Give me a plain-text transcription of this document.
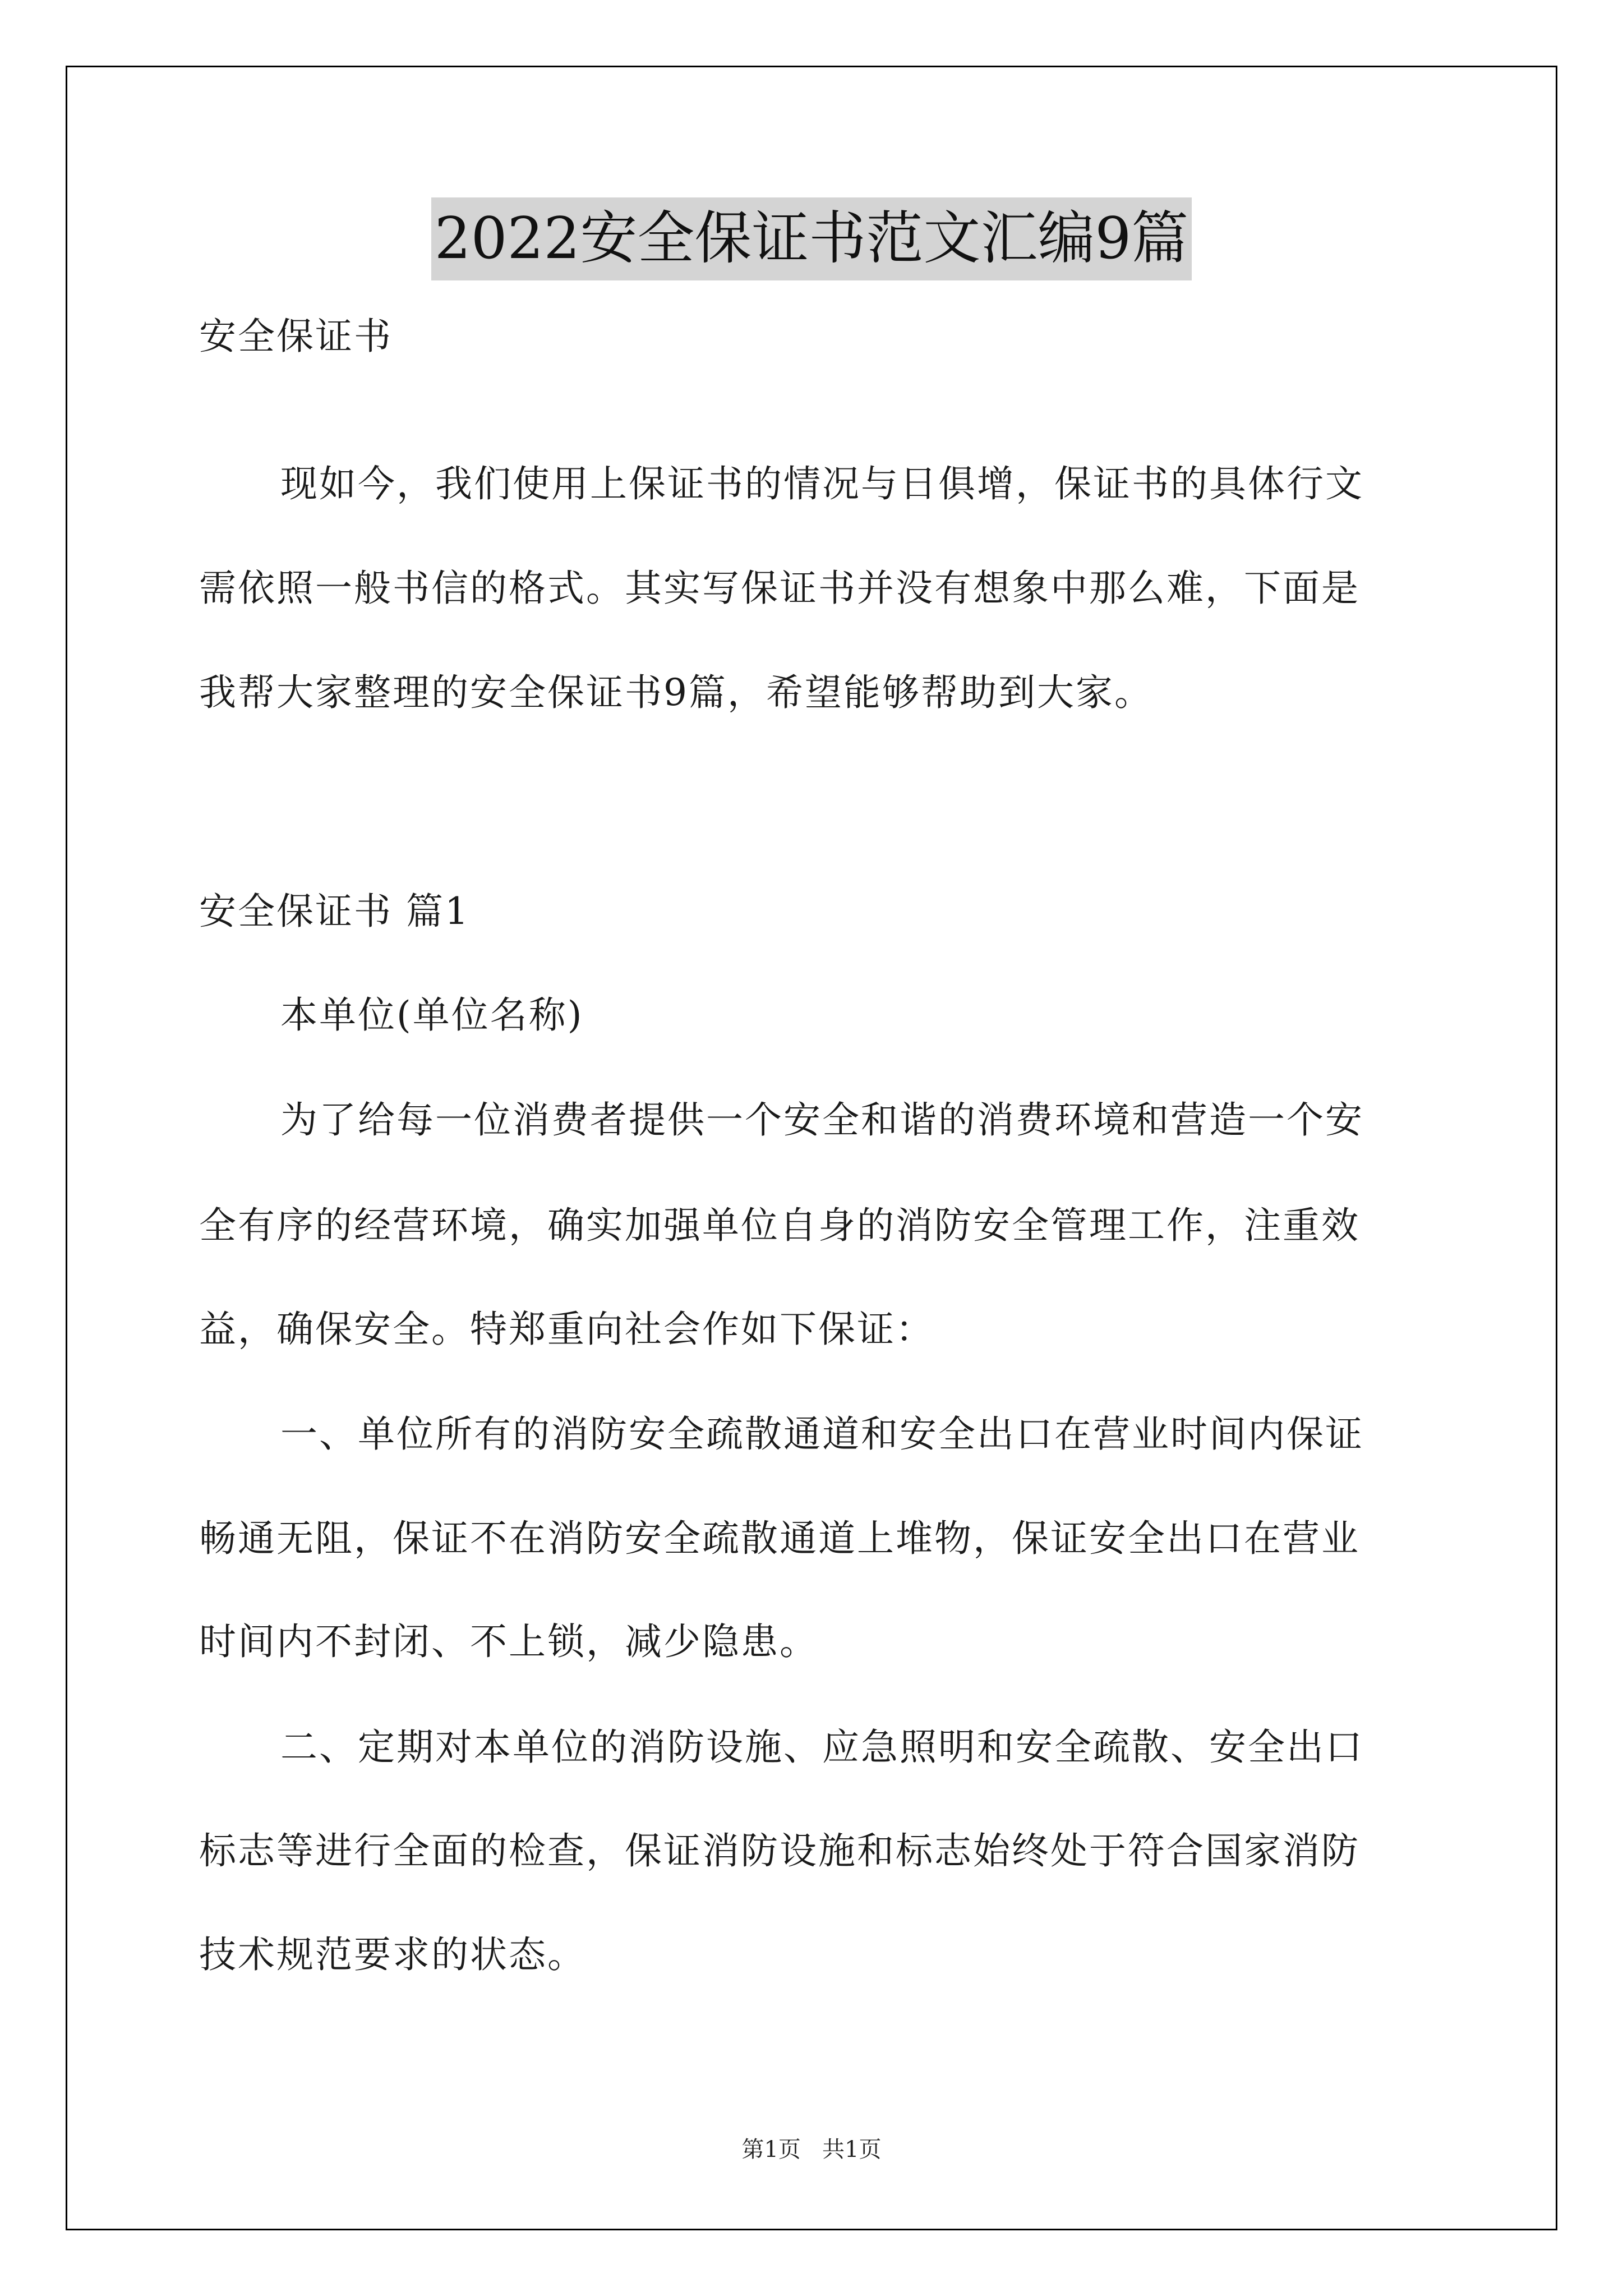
2022安全保证书范文汇编9篇
安全保证书
现如今，我们使用上保证书的情况与日俱增，保证书的具体行文
需依照一般书信的格式。其实写保证书并没有想象中那么难，下面是
我帮大家整理的安全保证书9篇，希望能够帮助到大家。
安全保证书 篇1
本单位(单位名称)
为了给每一位消费者提供一个安全和谐的消费环境和营造一个安
全有序的经营环境，确实加强单位自身的消防安全管理工作，注重效
益，确保安全。特郑重向社会作如下保证：
一、单位所有的消防安全疏散通道和安全出口在营业时间内保证
畅通无阻，保证不在消防安全疏散通道上堆物，保证安全出口在营业
时间内不封闭、不上锁，减少隐患。
二、定期对本单位的消防设施、应急照明和安全疏散、安全出口
标志等进行全面的检查，保证消防设施和标志始终处于符合国家消防
技术规范要求的状态。
第1页   共1页
